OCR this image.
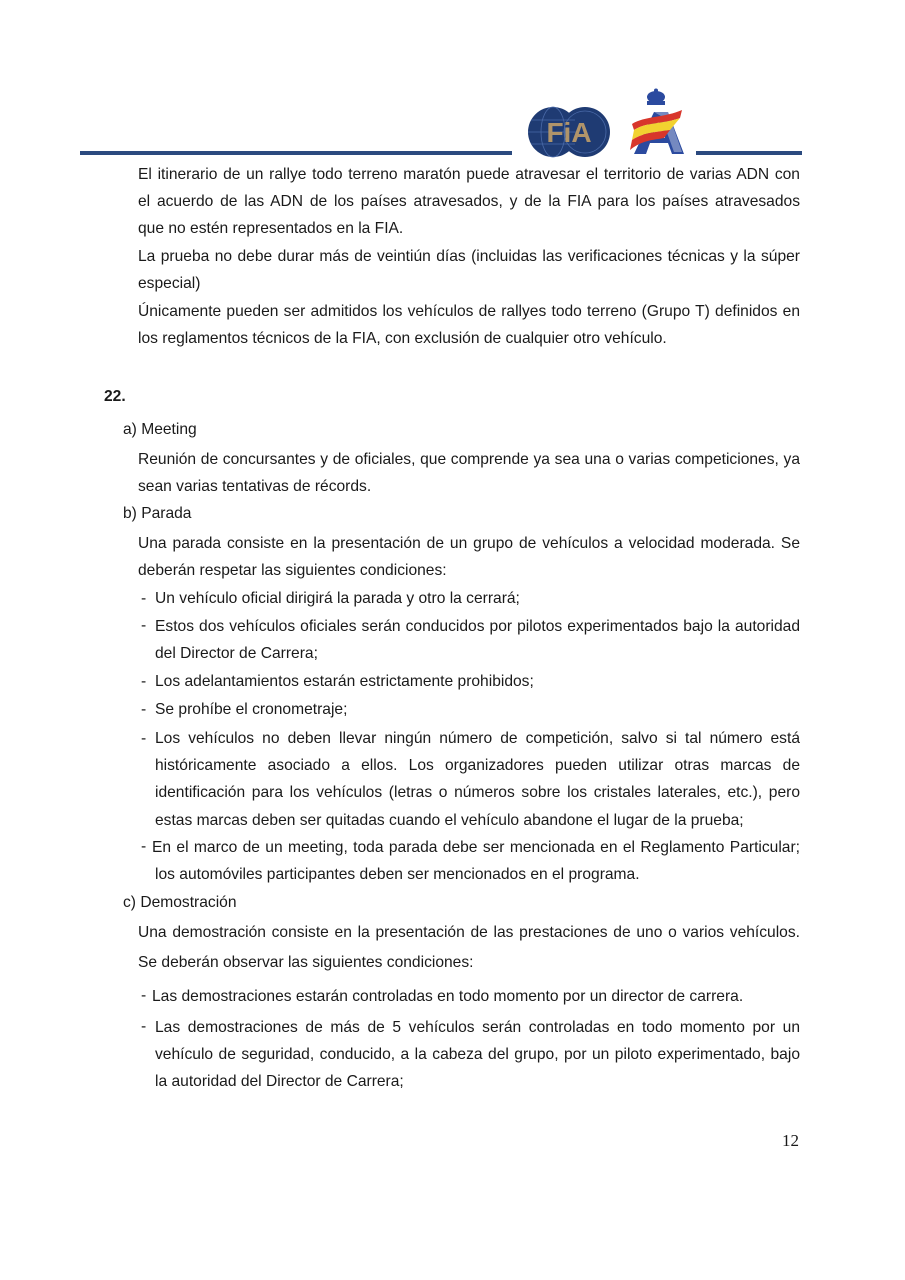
FiA
El itinerario de un rallye todo terreno maratón puede atravesar el territorio de varias ADN con
el acuerdo de las ADN de los países atravesados, y de la FIA para los países atravesados
que no estén representados en la FIA.
La prueba no debe durar más de veintiún días (incluidas las verificaciones técnicas y la súper
especial)
Únicamente pueden ser admitidos los vehículos de rallyes todo terreno (Grupo T) definidos en
los reglamentos técnicos de la FIA, con exclusión de cualquier otro vehículo.
22.
a) Meeting
Reunión de concursantes y de oficiales, que comprende ya sea una o varias competiciones, ya
sean varias tentativas de récords.
b) Parada
Una parada consiste en la presentación de un grupo de vehículos a velocidad moderada. Se
deberán respetar las siguientes condiciones:
- Un vehículo oficial dirigirá la parada y otro la cerrará;
- Estos dos vehículos oficiales serán conducidos por pilotos experimentados bajo la autoridad
del Director de Carrera;
- Los adelantamientos estarán estrictamente prohibidos;
- Se prohíbe el cronometraje;
- Los vehículos no deben llevar ningún número de competición, salvo si tal número está
históricamente asociado a ellos. Los organizadores pueden utilizar otras marcas de
identificación para los vehículos (letras o números sobre los cristales laterales, etc.), pero
estas marcas deben ser quitadas cuando el vehículo abandone el lugar de la prueba;
- En el marco de un meeting, toda parada debe ser mencionada en el Reglamento Particular;
los automóviles participantes deben ser mencionados en el programa.
c) Demostración
Una demostración consiste en la presentación de las prestaciones de uno o varios vehículos.
Se deberán observar las siguientes condiciones:
- Las demostraciones estarán controladas en todo momento por un director de carrera.
- Las demostraciones de más de 5 vehículos serán controladas en todo momento por un
vehículo de seguridad, conducido, a la cabeza del grupo, por un piloto experimentado, bajo
la autoridad del Director de Carrera;
12
